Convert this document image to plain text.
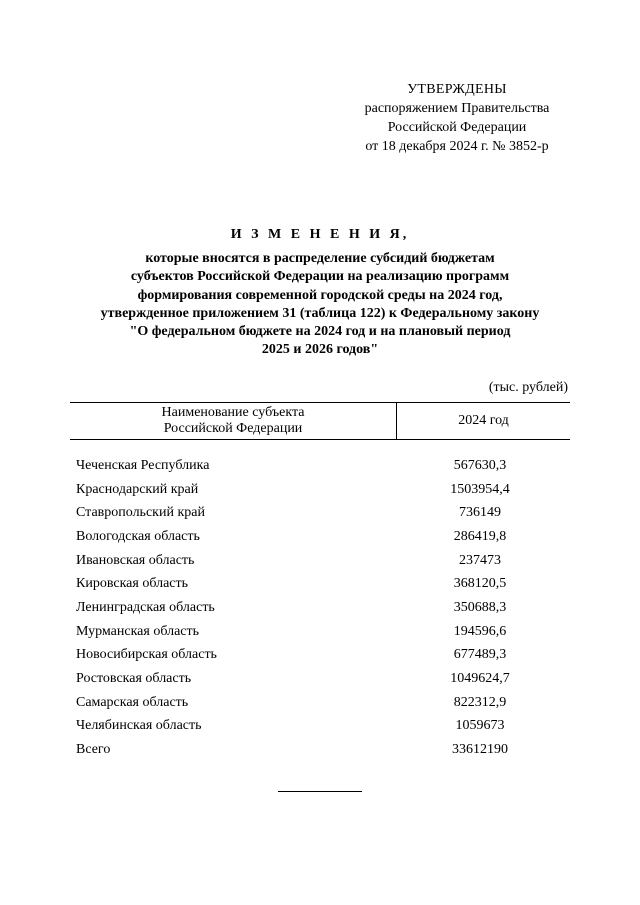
УТВЕРЖДЕНЫ
распоряжением Правительства
Российской Федерации
от 18 декабря 2024 г. № 3852-р
И З М Е Н Е Н И Я,
которые вносятся в распределение субсидий бюджетам
субъектов Российской Федерации на реализацию программ
формирования современной городской среды на 2024 год,
утвержденное приложением 31 (таблица 122) к Федеральному закону
"О федеральном бюджете на 2024 год и на плановый период
2025 и 2026 годов"
(тыс. рублей)
Наименование субъекта
Российской Федерации
2024 год
Чеченская Республика	567630,3
Краснодарский край	1503954,4
Ставропольский край	736149
Вологодская область	286419,8
Ивановская область	237473
Кировская область	368120,5
Ленинградская область	350688,3
Мурманская область	194596,6
Новосибирская область	677489,3
Ростовская область	1049624,7
Самарская область	822312,9
Челябинская область	1059673
Всего	33612190
